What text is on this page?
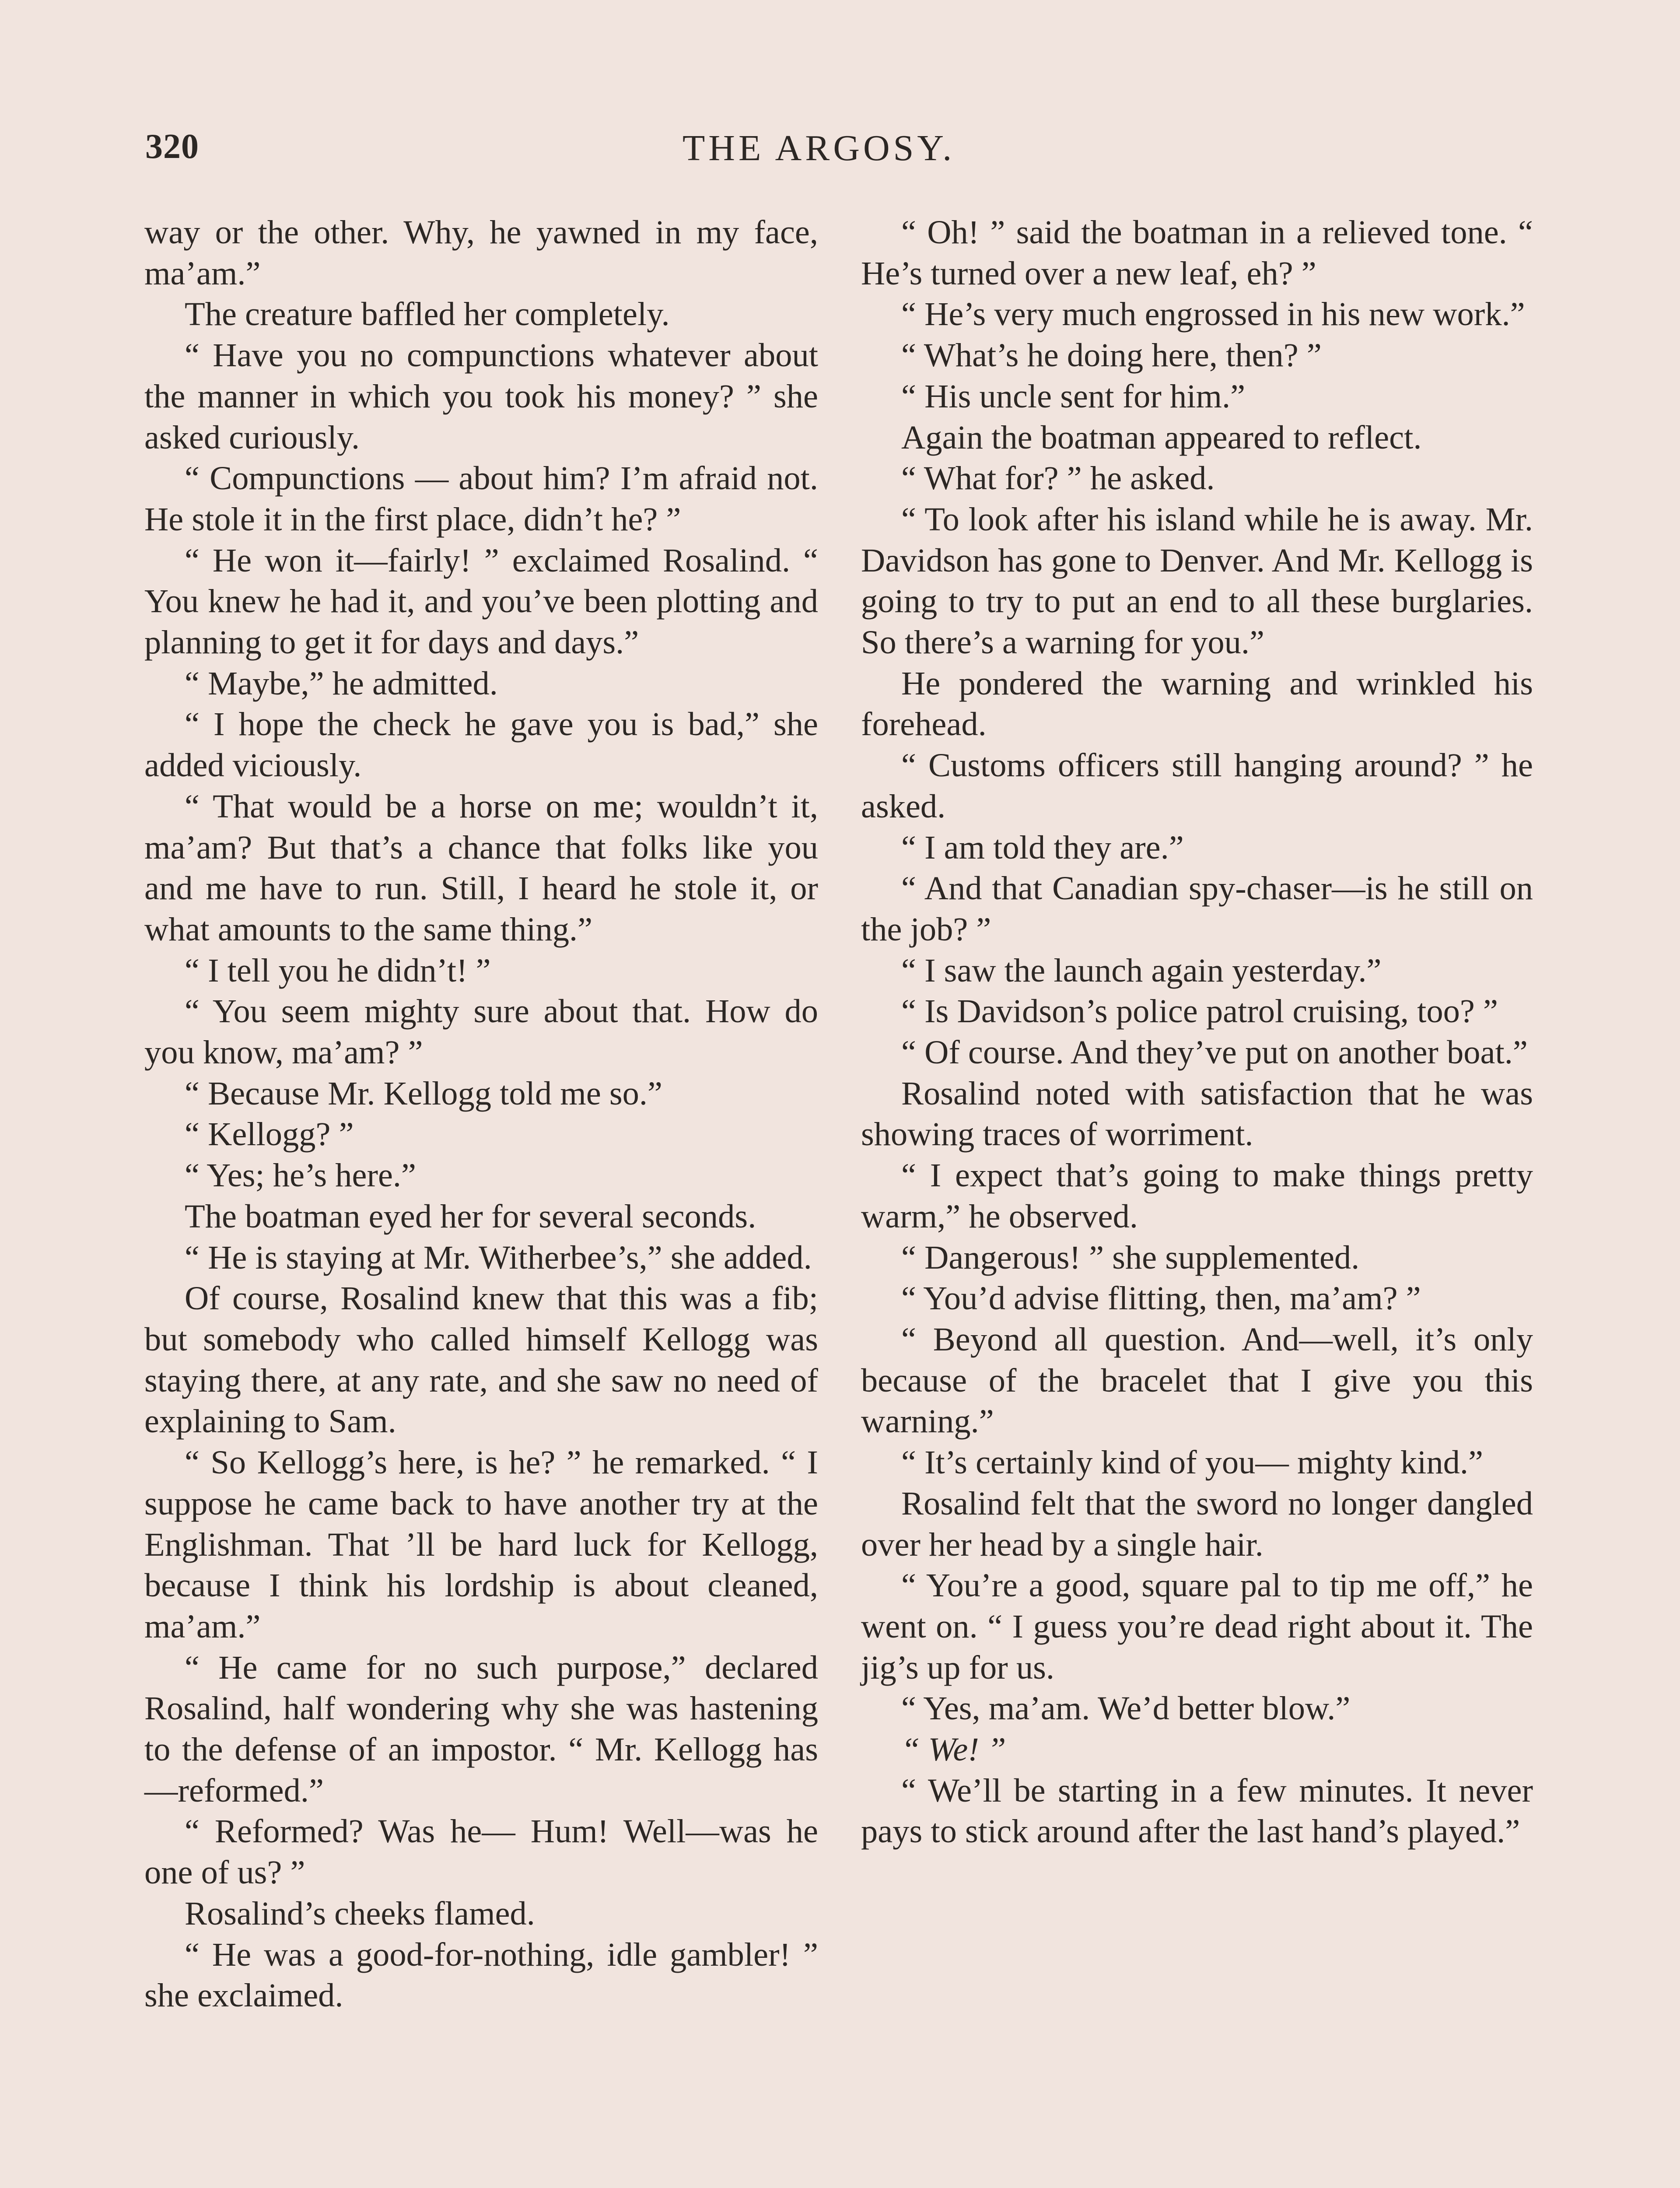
320	THE ARGOSY.

way or the other. Why, he yawned in my face, ma’am.”

The creature baffled her completely.

“ Have you no compunctions whatever about the manner in which you took his money? ” she asked curiously.

“ Compunctions — about him? I’m afraid not. He stole it in the first place, didn’t he? ”

“ He won it—fairly! ” exclaimed Rosalind. “ You knew he had it, and you’ve been plotting and planning to get it for days and days.”

“ Maybe,” he admitted.

“ I hope the check he gave you is bad,” she added viciously.

“ That would be a horse on me; wouldn’t it, ma’am? But that’s a chance that folks like you and me have to run. Still, I heard he stole it, or what amounts to the same thing.”

“ I tell you he didn’t! ”

“ You seem mighty sure about that. How do you know, ma’am? ”

“ Because Mr. Kellogg told me so.”

“ Kellogg? ”

“ Yes; he’s here.”

The boatman eyed her for several seconds.

“ He is staying at Mr. Witherbee’s,” she added.

Of course, Rosalind knew that this was a fib; but somebody who called himself Kellogg was staying there, at any rate, and she saw no need of explaining to Sam.

“ So Kellogg’s here, is he? ” he remarked. “ I suppose he came back to have another try at the Englishman. That ’ll be hard luck for Kellogg, because I think his lordship is about cleaned, ma’am.”

“ He came for no such purpose,” declared Rosalind, half wondering why she was hastening to the defense of an impostor. “ Mr. Kellogg has—reformed.”

“ Reformed? Was he— Hum! Well—was he one of us? ”

Rosalind’s cheeks flamed.

“ He was a good-for-nothing, idle gambler! ” she exclaimed.

“ Oh! ” said the boatman in a relieved tone. “ He’s turned over a new leaf, eh? ”

“ He’s very much engrossed in his new work.”

“ What’s he doing here, then? ”

“ His uncle sent for him.”

Again the boatman appeared to reflect.

“ What for? ” he asked.

“ To look after his island while he is away. Mr. Davidson has gone to Denver. And Mr. Kellogg is going to try to put an end to all these burglaries. So there’s a warning for you.”

He pondered the warning and wrinkled his forehead.

“ Customs officers still hanging around? ” he asked.

“ I am told they are.”

“ And that Canadian spy-chaser—is he still on the job? ”

“ I saw the launch again yesterday.”

“ Is Davidson’s police patrol cruising, too? ”

“ Of course. And they’ve put on another boat.”

Rosalind noted with satisfaction that he was showing traces of worriment.

“ I expect that’s going to make things pretty warm,” he observed.

“ Dangerous! ” she supplemented.

“ You’d advise flitting, then, ma’am? ”

“ Beyond all question. And—well, it’s only because of the bracelet that I give you this warning.”

“ It’s certainly kind of you— mighty kind.”

Rosalind felt that the sword no longer dangled over her head by a single hair.

“ You’re a good, square pal to tip me off,” he went on. “ I guess you’re dead right about it. The jig’s up for us.

“ Yes, ma’am. We’d better blow.”

“ We! ”

“ We’ll be starting in a few minutes. It never pays to stick around after the last hand’s played.”
